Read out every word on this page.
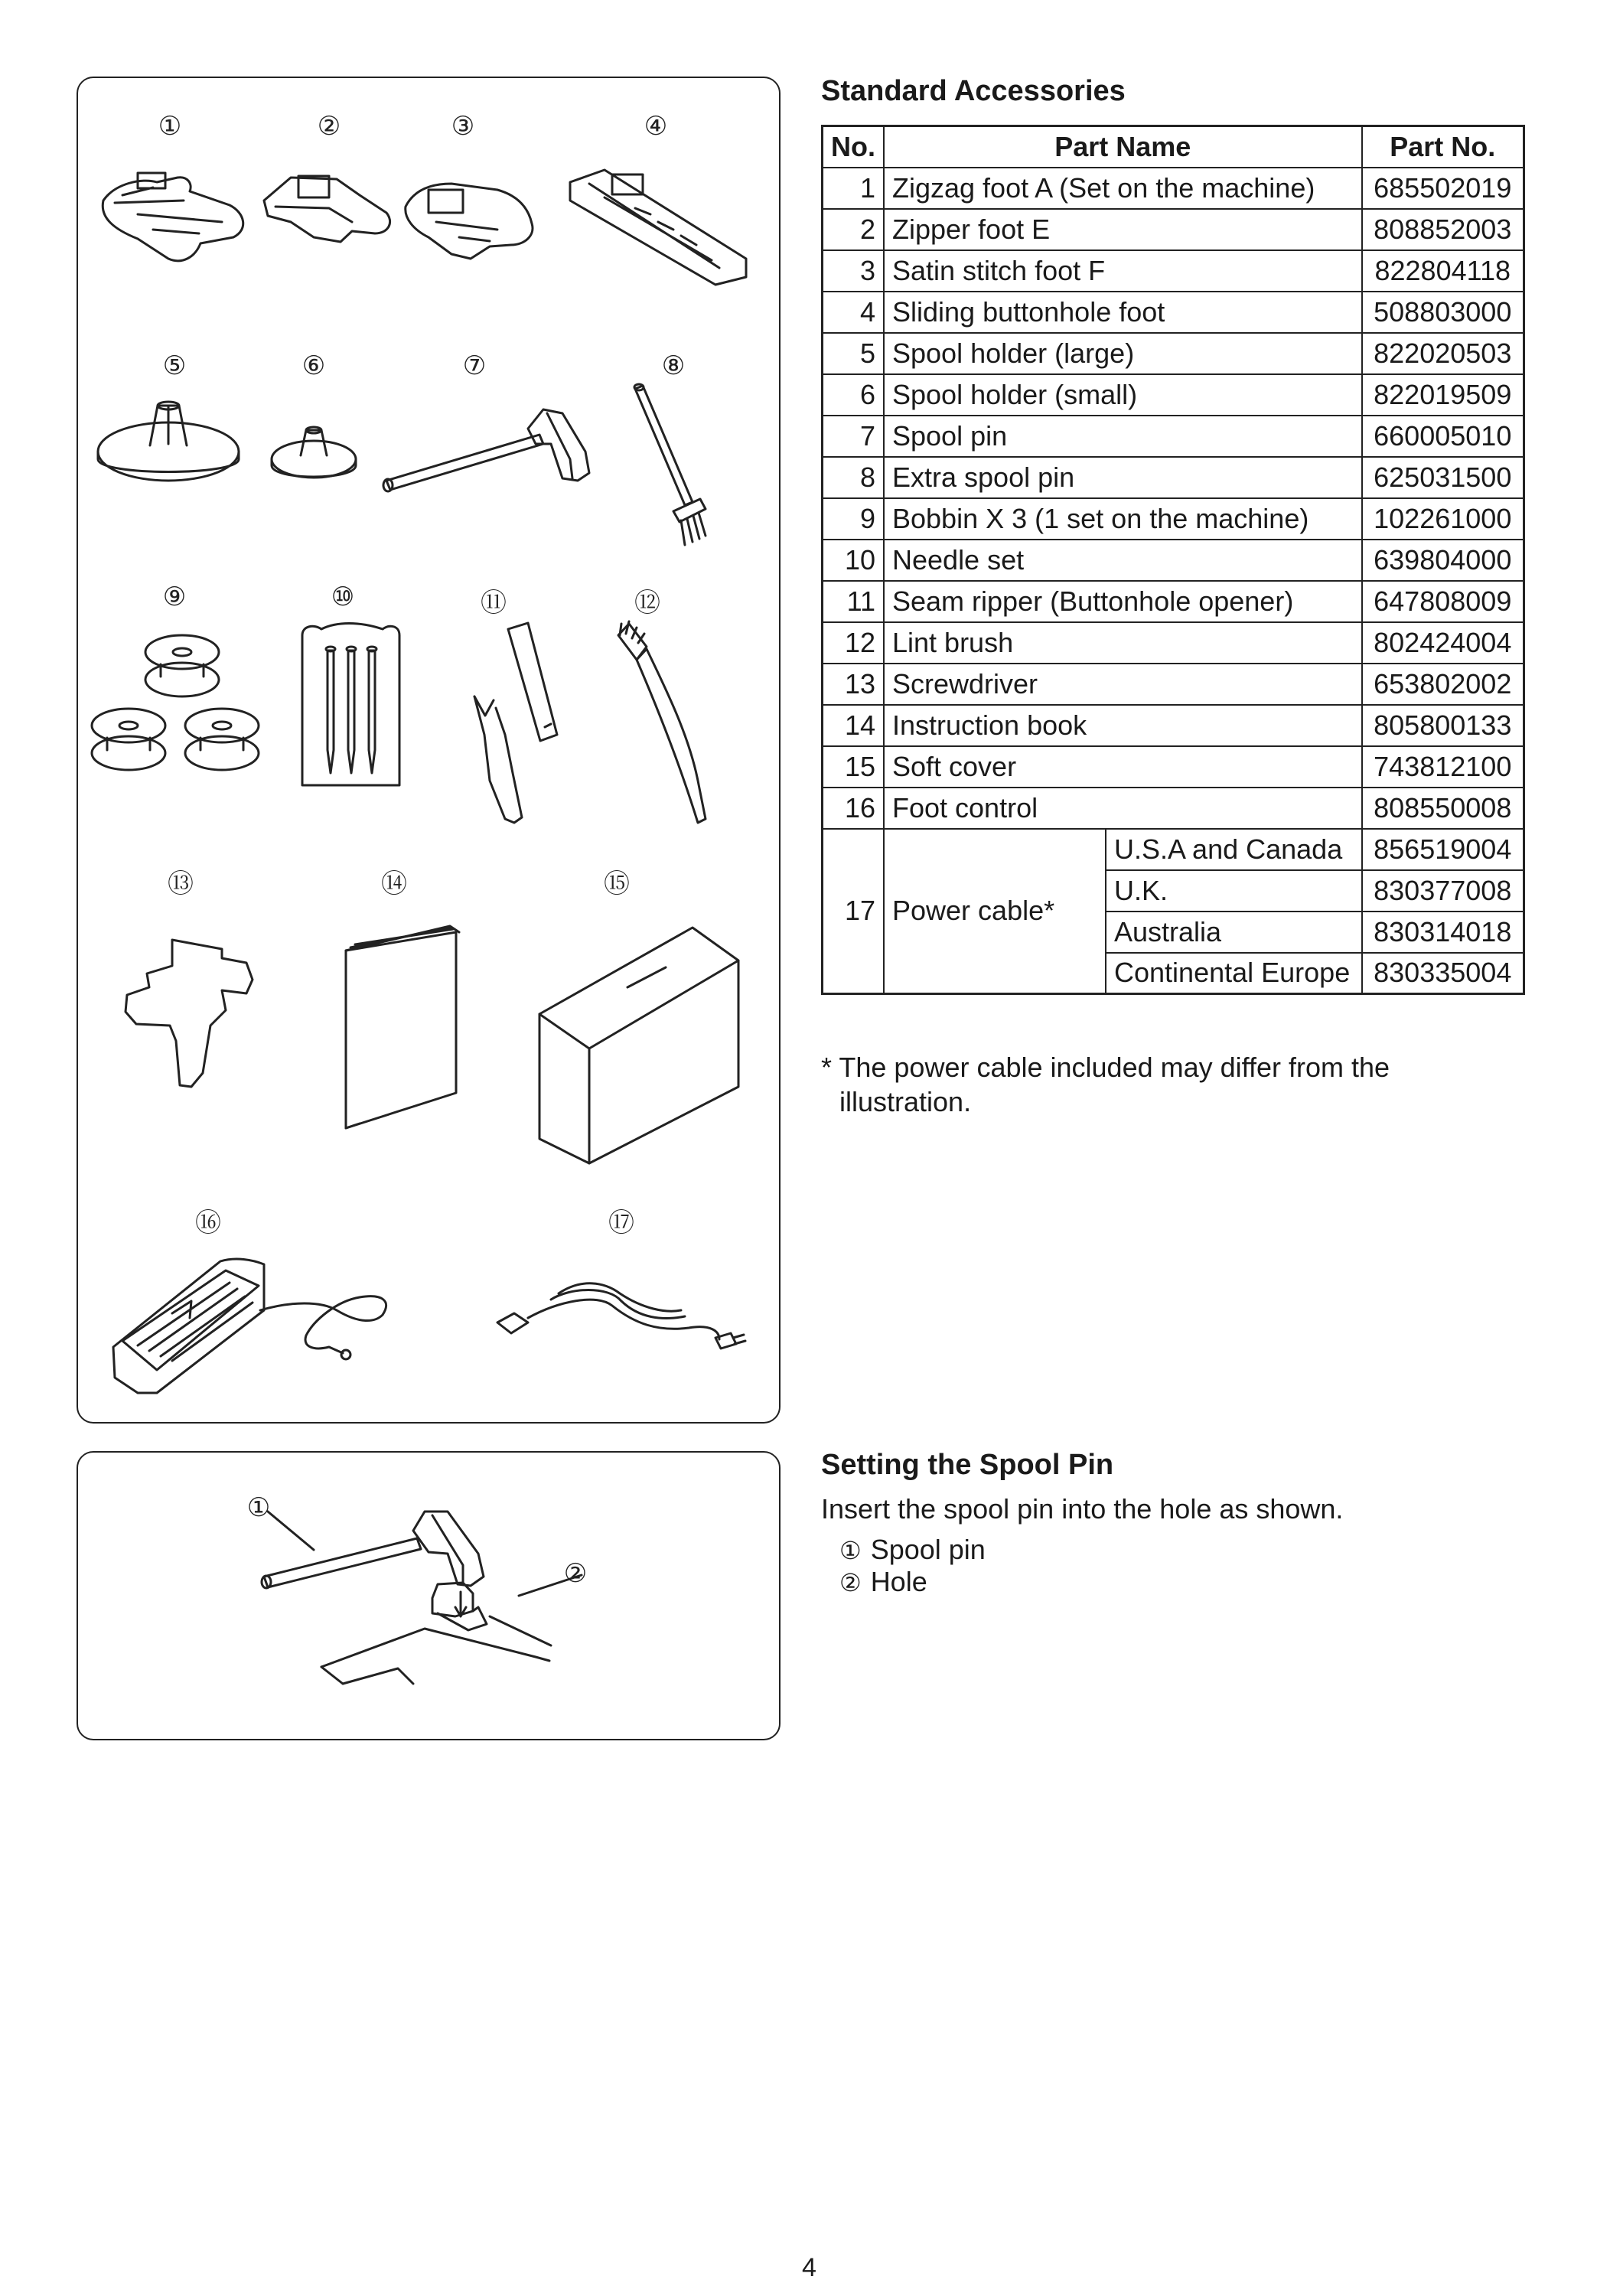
①	②	③	④
⑤	⑥	⑦	⑧
⑨	⑩	⑪	⑫
⑬	⑭	⑮
⑯	⑰
Standard Accessories
No.	Part Name		Part No.
1	Zigzag foot A (Set on the machine)		685502019
2	Zipper foot E		808852003
3	Satin stitch foot F		822804118
4	Sliding buttonhole foot		508803000
5	Spool holder (large)		822020503
6	Spool holder (small)		822019509
7	Spool pin		660005010
8	Extra spool pin		625031500
9	Bobbin X 3 (1 set on the machine)		102261000
10	Needle set		639804000
11	Seam ripper (Buttonhole opener)		647808009
12	Lint brush		802424004
13	Screwdriver		653802002
14	Instruction book		805800133
15	Soft cover		743812100
16	Foot control		808550008
17	Power cable*	U.S.A and Canada	856519004
		U.K.	830377008
		Australia	830314018
		Continental Europe	830335004
* The power cable included may differ from the
illustration.
①
②
Setting the Spool Pin
Insert the spool pin into the hole as shown.
① Spool pin
② Hole
4
